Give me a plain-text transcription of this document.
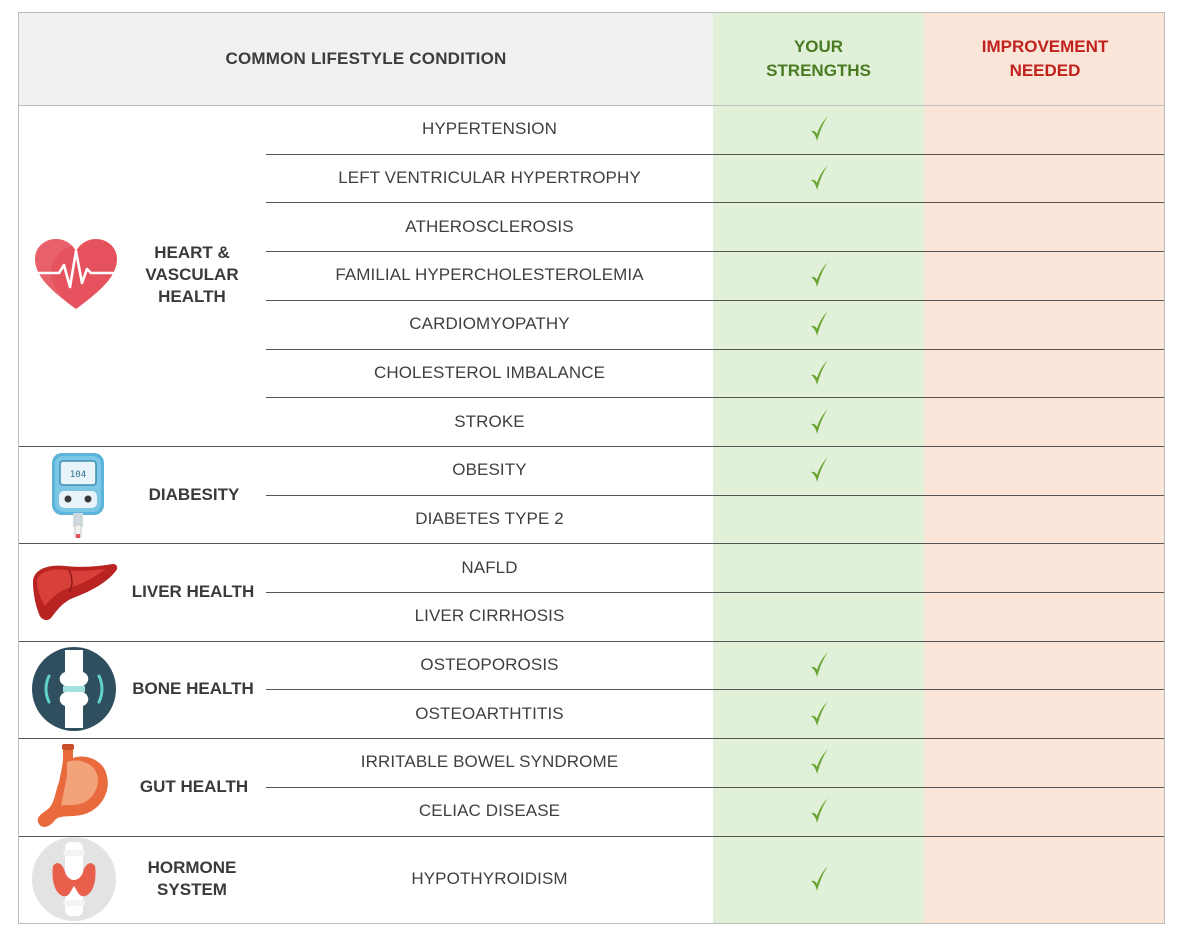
COMMON LIFESTYLE CONDITION
YOUR
STRENGTHS
IMPROVEMENT
NEEDED
HYPERTENSION
LEFT VENTRICULAR HYPERTROPHY
ATHEROSCLEROSIS
FAMILIAL HYPERCHOLESTEROLEMIA
CARDIOMYOPATHY
CHOLESTEROL IMBALANCE
STROKE
HEART & VASCULAR HEALTH
OBESITY
DIABETES TYPE 2
DIABESITY
104
NAFLD
LIVER CIRRHOSIS
LIVER HEALTH
OSTEOPOROSIS
OSTEOARTHTITIS
BONE HEALTH
IRRITABLE BOWEL SYNDROME
CELIAC DISEASE
GUT HEALTH
HYPOTHYROIDISM
HORMONE SYSTEM
